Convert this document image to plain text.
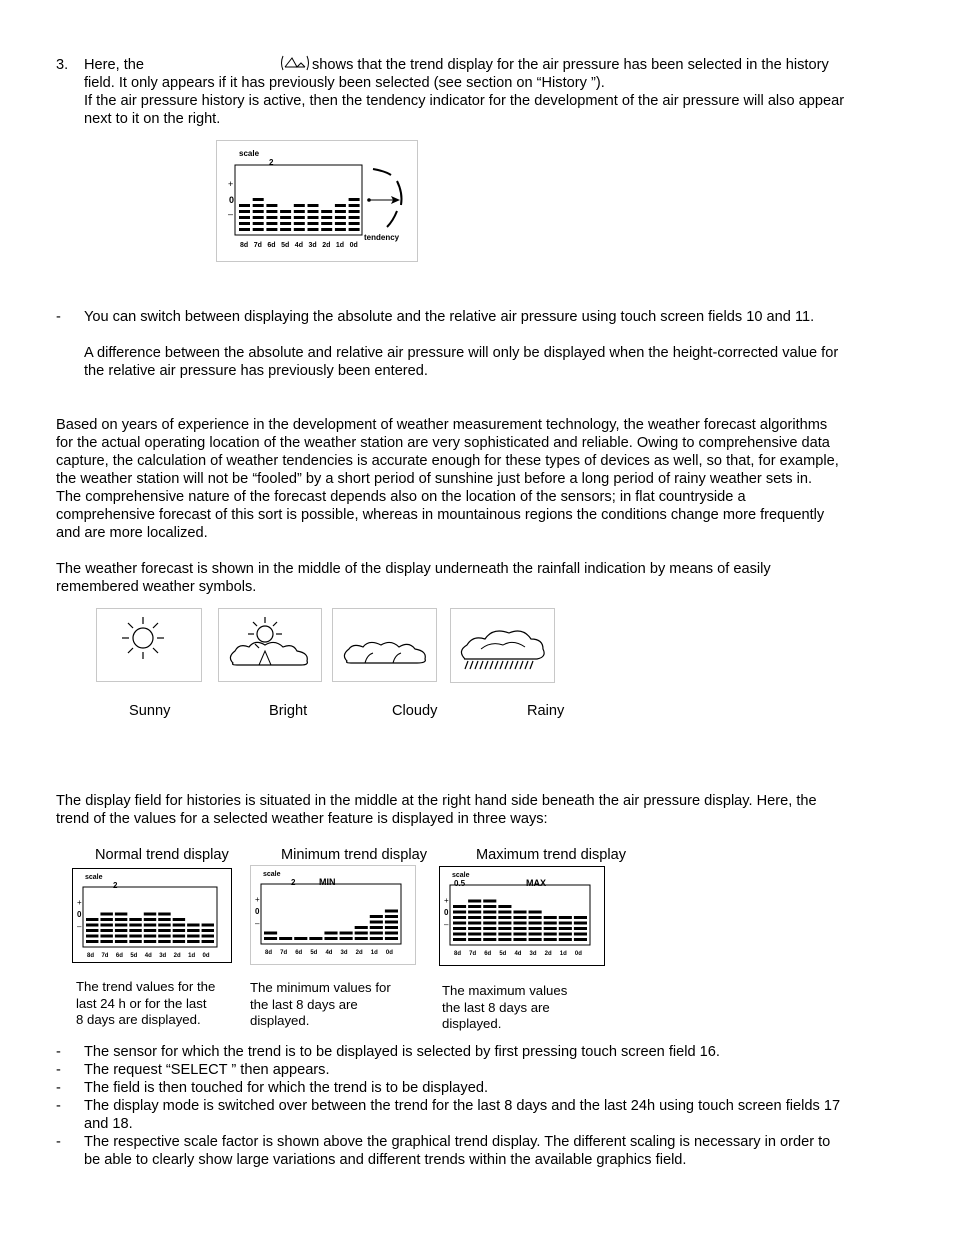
3. Here, the	shows that the trend display for the air pressure has been selected in the history
field. It only appears if it has previously been selected (see section on “History ”).
If the air pressure history is active, then the tendency indicator for the development of the air pressure will also appear
next to it on the right.
scale
2
+
0
–
8d 7d 6d 5d 4d 3d 2d 1d 0d
tendency
- You can switch between displaying the absolute and the relative air pressure using touch screen fields 10 and 11.
A difference between the absolute and relative air pressure will only be displayed when the height-corrected value for
the relative air pressure has previously been entered.
Based on years of experience in the development of weather measurement technology, the weather forecast algorithms
for the actual operating location of the weather station are very sophisticated and reliable. Owing to comprehensive data
capture, the calculation of weather tendencies is accurate enough for these types of devices as well, so that, for example,
the weather station will not be “fooled” by a short period of sunshine just before a long period of rainy weather sets in.
The comprehensive nature of the forecast depends also on the location of the sensors; in flat countryside a
comprehensive forecast of this sort is possible, whereas in mountainous regions the conditions change more frequently
and are more localized.
The weather forecast is shown in the middle of the display underneath the rainfall indication by means of easily
remembered weather symbols.
Sunny	Bright	Cloudy	Rainy
The display field for histories is situated in the middle at the right hand side beneath the air pressure display. Here, the
trend of the values for a selected weather feature is displayed in three ways:
Normal trend display	Minimum trend display	Maximum trend display
scale
2
+
0
–
8d 7d 6d 5d 4d 3d 2d 1d 0d
scale
2	MIN
+
0
–
8d 7d 6d 5d 4d 3d 2d 1d 0d
scale
0.5	MAX
+
0
–
8d 7d 6d 5d 4d 3d 2d 1d 0d
The trend values for the
last 24 h or for the last
8 days are displayed.
The minimum values for
the last 8 days are
displayed.
The maximum values
the last 8 days are
displayed.
- The sensor for which the trend is to be displayed is selected by first pressing touch screen field 16.
- The request “SELECT ” then appears.
- The field is then touched for which the trend is to be displayed.
- The display mode is switched over between the trend for the last 8 days and the last 24h using touch screen fields 17
and 18.
- The respective scale factor is shown above the graphical trend display. The different scaling is necessary in order to
be able to clearly show large variations and different trends within the available graphics field.
